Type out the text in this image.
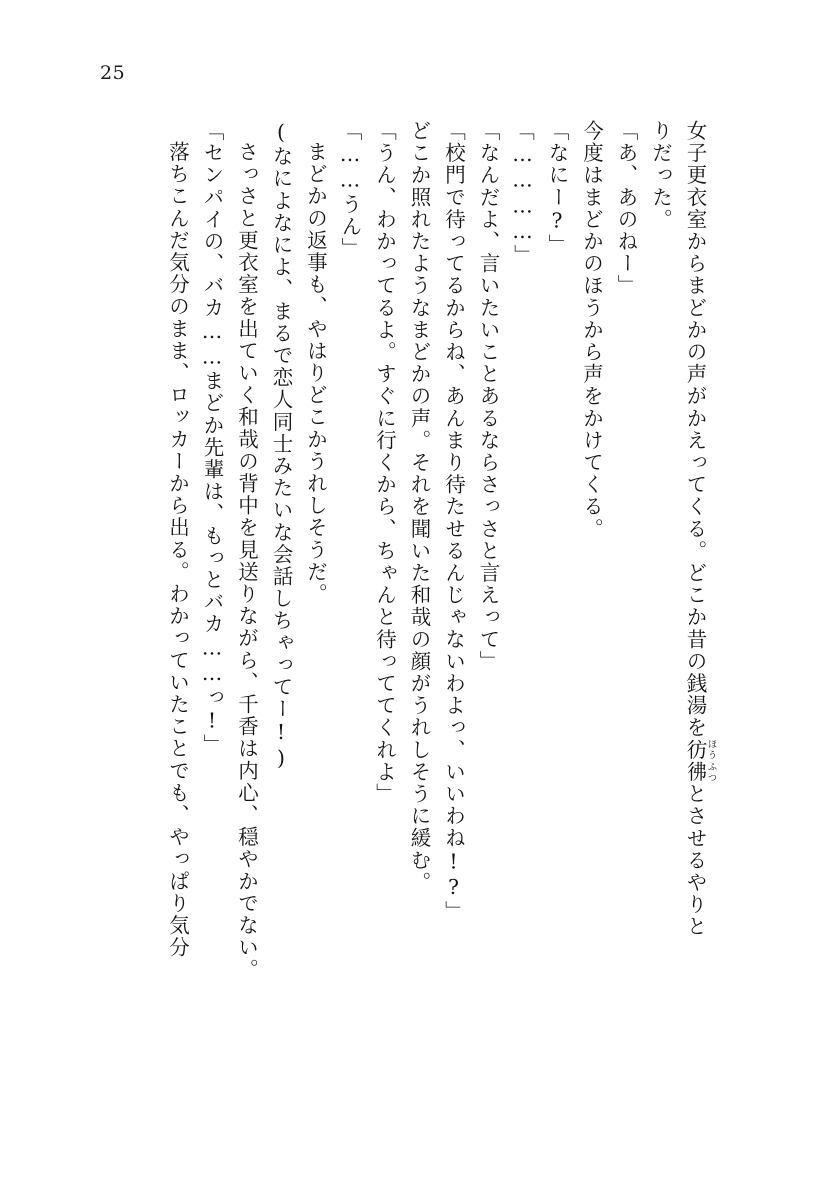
25

女子更衣室からまどかの声がかえってくる。どこか昔の銭湯を彷彿ほうふつとさせるやりと

りだった。

「あ、あのねー」

今度はまどかのほうから声をかけてくる。

「なにー?」

「…………」

「なんだよ、言いたいことあるならさっさと言えって」

「校門で待ってるからね、あんまり待たせるんじゃないわよっ、いいわね!?」

どこか照れたようなまどかの声。それを聞いた和哉の顔がうれしそうに緩む。

「うん、わかってるよ。すぐに行くから、ちゃんと待っててくれよ」

「……うん」

まどかの返事も、やはりどこかうれしそうだ。

(なによなによ、まるで恋人同士みたいな会話しちゃってー!)

さっさと更衣室を出ていく和哉の背中を見送りながら、千香は内心、穏やかでない。

「センパイの、バカ……まどか先輩は、もっとバカ……っ!」

落ちこんだ気分のまま、ロッカーから出る。わかっていたことでも、やっぱり気分
